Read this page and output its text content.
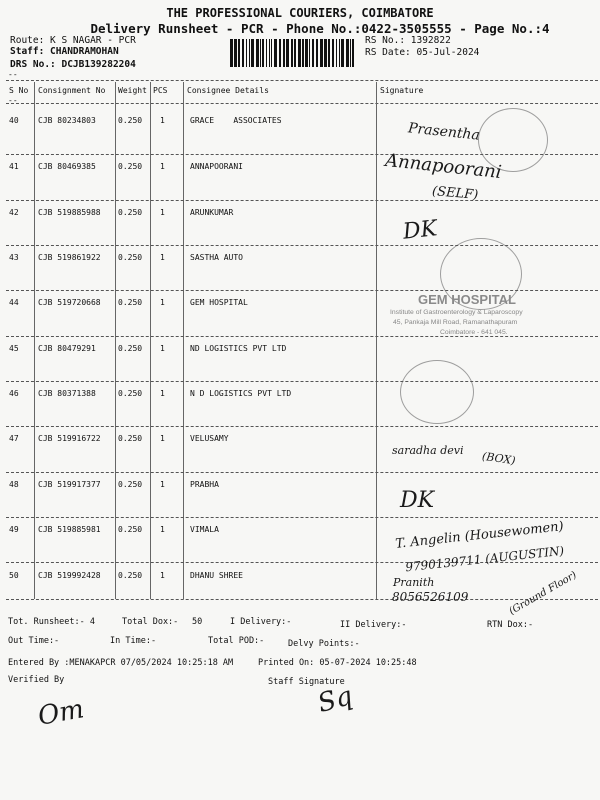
THE PROFESSIONAL COURIERS, COIMBATORE
Delivery Runsheet - PCR - Phone No.:0422-3505555 - Page No.:4
Route: K S NAGAR - PCR
Staff: CHANDRAMOHAN
DRS No.: DCJB139282204
RS No.: 1392822
RS Date: 05-Jul-2024
--
S No Consignment No Weight PCS Consignee Details	Signature
--
40 CJB 80234803	0.250 1	GRACE    ASSOCIATES
41 CJB 80469385	0.250 1	ANNAPOORANI
42 CJB 519885988 0.250 1	ARUNKUMAR
43 CJB 519861922 0.250 1	SASTHA AUTO
44 CJB 519720668 0.250 1	GEM HOSPITAL
45 CJB 80479291	0.250 1	ND LOGISTICS PVT LTD
46 CJB 80371388	0.250 1	N D LOGISTICS PVT LTD
47 CJB 519916722 0.250 1	VELUSAMY
48 CJB 519917377 0.250 1	PRABHA
49 CJB 519885981 0.250 1	VIMALA
50 CJB 519992428 0.250 1	DHANU SHREE
GEM HOSPITAL
Institute of Gastroenterology & Laparoscopy
45, Pankaja Mill Road, Ramanathapuram
Coimbatore - 641 045.
Prasentha
Annapoorani
(SELF)
DK
saradha devi (BOX)
DK
T. Angelin (Housewomen)
9790139711 (AUGUSTIN)
Pranith
8056526109	(Ground Floor)
Tot. Runsheet:- 4	Total Dox:- 50	I Delivery:-	II Delivery:-	RTN Dox:-
Out Time:-	In Time:-	Total POD:-	Delvy Points:-
Entered By :MENAKAPCR 07/05/2024 10:25:18 AM	Printed On: 05-07-2024 10:25:48
Verified By	Staff Signature
Om	Sq
